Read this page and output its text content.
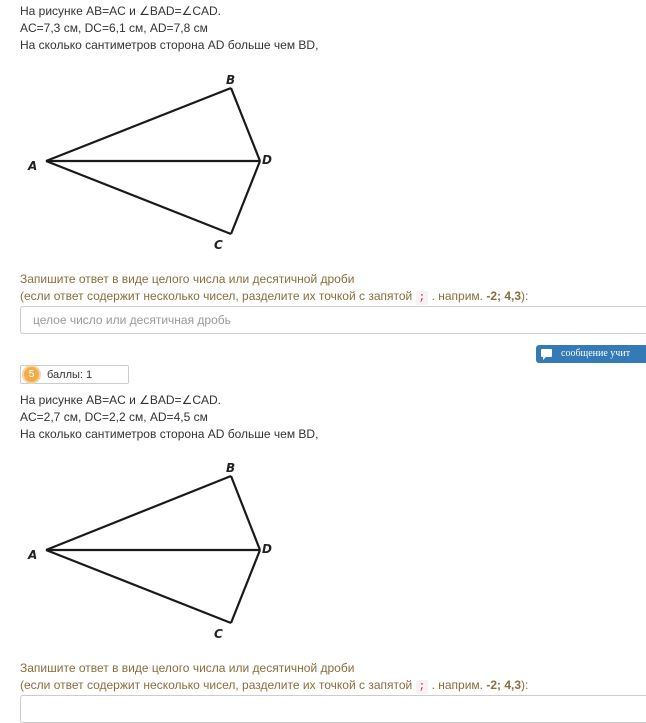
На рисунке AB=AC и ∠BAD=∠CAD.
AC=7,3 см, DC=6,1 см, AD=7,8 см
На сколько сантиметров сторона AD больше чем BD,
A
B
D
C
Запишите ответ в виде целого числа или десятичной дроби
(если ответ содержит несколько чисел, разделите их точкой с запятой ; . наприм. -2; 4,3):
целое число или десятичная дробь
сообщение учит
5	баллы: 1
На рисунке AB=AC и ∠BAD=∠CAD.
AC=2,7 см, DC=2,2 см, AD=4,5 см
На сколько сантиметров сторона AD больше чем BD,
A
B
D
C
Запишите ответ в виде целого числа или десятичной дроби
(если ответ содержит несколько чисел, разделите их точкой с запятой ; . наприм. -2; 4,3):
